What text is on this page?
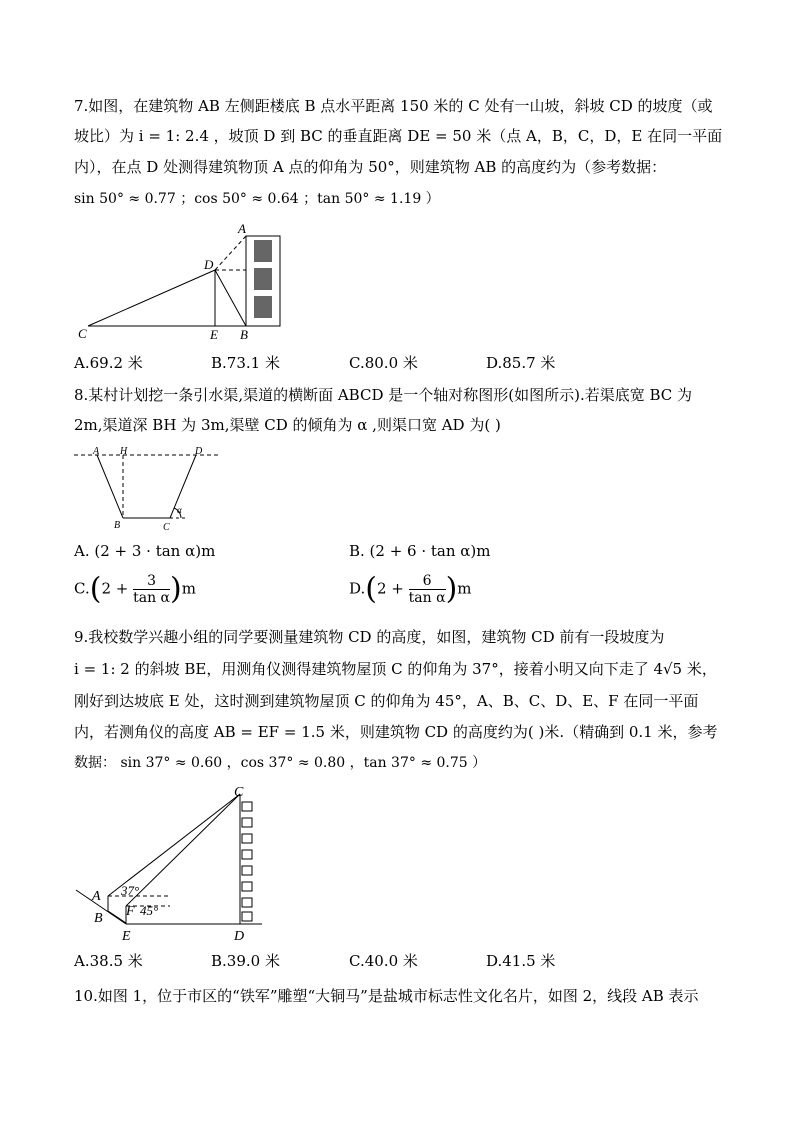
7.如图，在建筑物 AB 左侧距楼底 B 点水平距离 150 米的 C 处有一山坡，斜坡 CD 的坡度（或
坡比）为 i = 1: 2.4 ，坡顶 D 到 BC 的垂直距离 DE = 50 米（点 A，B，C，D，E 在同一平面
内），在点 D 处测得建筑物顶 A 点的仰角为 50°，则建筑物 AB 的高度约为（参考数据：
sin 50° ≈ 0.77 ；cos 50° ≈ 0.64 ；tan 50° ≈ 1.19 ）
A
D
C	E B
A.69.2 米	B.73.1 米	C.80.0 米	D.85.7 米
8.某村计划挖一条引水渠,渠道的横断面 ABCD 是一个轴对称图形(如图所示).若渠底宽 BC 为
2m,渠道深 BH 为 3m,渠壁 CD 的倾角为 α ,则渠口宽 AD 为( )
A H	D
B	C
α
A. (2 + 3 · tan α)m	B. (2 + 6 · tan α)m
$C.(2 + \frac{3}{\text{tan α}} )m$	$D.(2 + \frac{6}{\text{tan α}} )m$
9.我校数学兴趣小组的同学要测量建筑物 CD 的高度，如图，建筑物 CD 前有一段坡度为
i = 1: 2 的斜坡 BE，用测角仪测得建筑物屋顶 C 的仰角为 37°，接着小明又向下走了 4√5 米，
刚好到达坡底 E 处，这时测到建筑物屋顶 C 的仰角为 45°，A、B、C、D、E、F 在同一平面
内，若测角仪的高度 AB = EF = 1.5 米，则建筑物 CD 的高度约为( )米.（精确到 0.1 米，参考
数据： sin 37° ≈ 0.60 ，cos 37° ≈ 0.80 ，tan 37° ≈ 0.75 ）
C
A
B F
E	D
37°
45°
A.38.5 米	B.39.0 米	C.40.0 米	D.41.5 米
10.如图 1，位于市区的“铁军”雕塑“大铜马”是盐城市标志性文化名片，如图 2，线段 AB 表示
